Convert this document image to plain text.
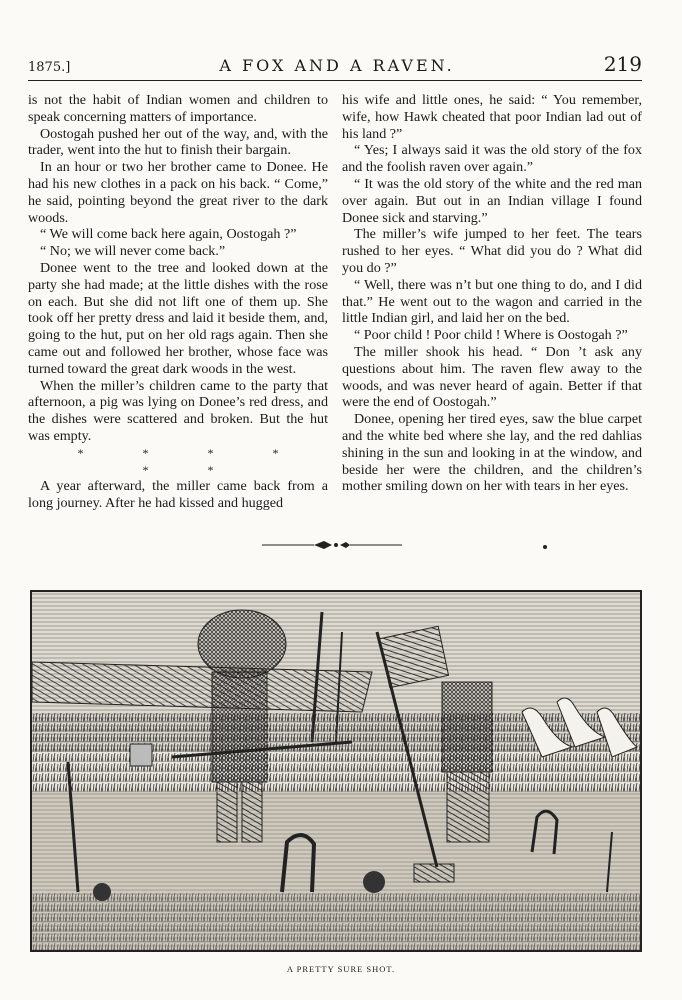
1875.]	A FOX AND A RAVEN.	219

is not the habit of Indian women and children to speak concerning matters of importance.

Oostogah pushed her out of the way, and, with the trader, went into the hut to finish their bargain.

In an hour or two her brother came to Donee. He had his new clothes in a pack on his back. “ Come,” he said, pointing beyond the great river to the dark woods.

“ We will come back here again, Oostogah ?”

“ No; we will never come back.”

Donee went to the tree and looked down at the party she had made; at the little dishes with the rose on each. But she did not lift one of them up. She took off her pretty dress and laid it beside them, and, going to the hut, put on her old rags again. Then she came out and followed her brother, whose face was turned toward the great dark woods in the west.

When the miller’s children came to the party that afternoon, a pig was lying on Donee’s red dress, and the dishes were scattered and broken. But the hut was empty.

* * * * * *

A year afterward, the miller came back from a long journey. After he had kissed and hugged

his wife and little ones, he said: “ You remember, wife, how Hawk cheated that poor Indian lad out of his land ?”

“ Yes; I always said it was the old story of the fox and the foolish raven over again.”

“ It was the old story of the white and the red man over again. But out in an Indian village I found Donee sick and starving.”

The miller’s wife jumped to her feet. The tears rushed to her eyes. “ What did you do ? What did you do ?”

“ Well, there was n’t but one thing to do, and I did that.” He went out to the wagon and carried in the little Indian girl, and laid her on the bed.

“ Poor child ! Poor child ! Where is Oostogah ?”

The miller shook his head. “ Don ’t ask any questions about him. The raven flew away to the woods, and was never heard of again. Better if that were the end of Oostogah.”

Donee, opening her tired eyes, saw the blue carpet and the white bed where she lay, and the red dahlias shining in the sun and looking in at the window, and beside her were the children, and the children’s mother smiling down on her with tears in her eyes.

A PRETTY SURE SHOT.
